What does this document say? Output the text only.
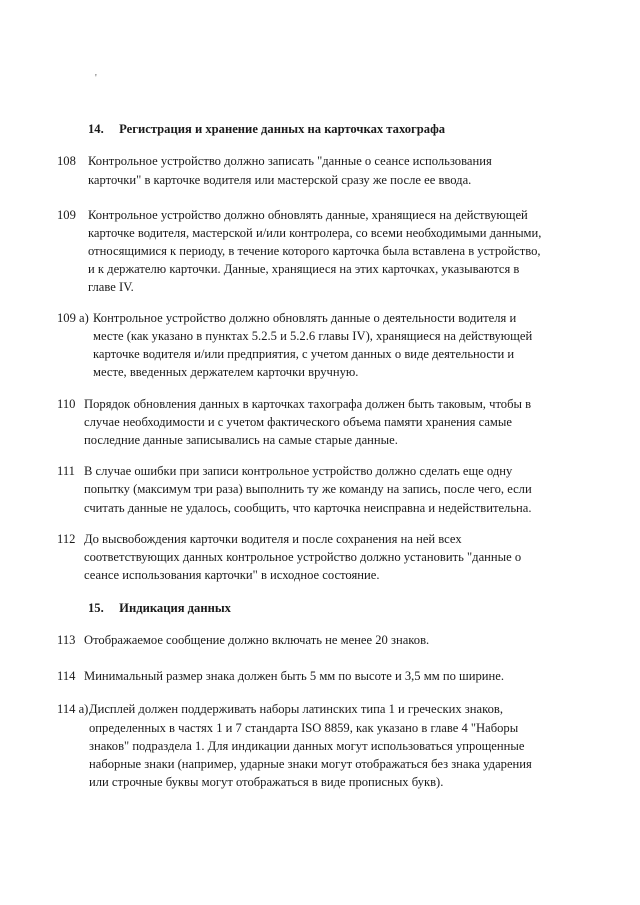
'
14. Регистрация и хранение данных на карточках тахографа
108 Контрольное устройство должно записать "данные о сеансе использования
карточки" в карточке водителя или мастерской сразу же после ее ввода.
109 Контрольное устройство должно обновлять данные, хранящиеся на действующей
карточке водителя, мастерской и/или контролера, со всеми необходимыми данными,
относящимися к периоду, в течение которого карточка была вставлена в устройство,
и к держателю карточки. Данные, хранящиеся на этих карточках, указываются в
главе IV.
109 a) Контрольное устройство должно обновлять данные о деятельности водителя и
месте (как указано в пунктах 5.2.5 и 5.2.6 главы IV), хранящиеся на действующей
карточке водителя и/или предприятия, с учетом данных о виде деятельности и
месте, введенных держателем карточки вручную.
110 Порядок обновления данных в карточках тахографа должен быть таковым, чтобы в
случае необходимости и с учетом фактического объема памяти хранения самые
последние данные записывались на самые старые данные.
111 В случае ошибки при записи контрольное устройство должно сделать еще одну
попытку (максимум три раза) выполнить ту же команду на запись, после чего, если
считать данные не удалось, сообщить, что карточка неисправна и недействительна.
112 До высвобождения карточки водителя и после сохранения на ней всех
соответствующих данных контрольное устройство должно установить "данные о
сеансе использования карточки" в исходное состояние.
15. Индикация данных
113 Отображаемое сообщение должно включать не менее 20 знаков.
114 Минимальный размер знака должен быть 5 мм по высоте и 3,5 мм по ширине.
114 a) Дисплей должен поддерживать наборы латинских типа 1 и греческих знаков,
определенных в частях 1 и 7 стандарта ISO 8859, как указано в главе 4 "Наборы
знаков" подраздела 1. Для индикации данных могут использоваться упрощенные
наборные знаки (например, ударные знаки могут отображаться без знака ударения
или строчные буквы могут отображаться в виде прописных букв).
